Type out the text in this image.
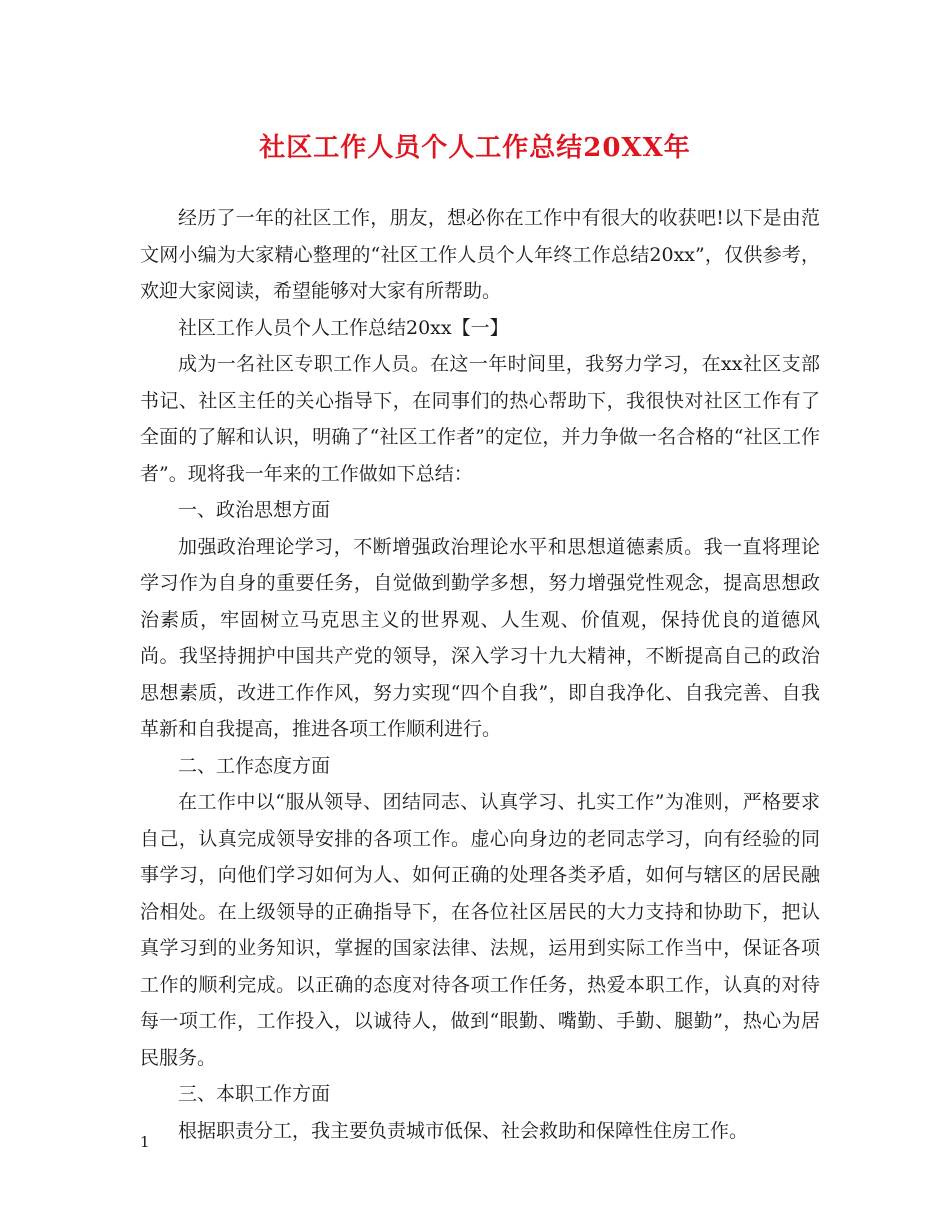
社区工作人员个人工作总结20XX年

经历了一年的社区工作，朋友，想必你在工作中有很大的收获吧!以下是由范文网小编为大家精心整理的“社区工作人员个人年终工作总结20xx”，仅供参考，欢迎大家阅读，希望能够对大家有所帮助。

社区工作人员个人工作总结20xx【一】

成为一名社区专职工作人员。在这一年时间里，我努力学习，在xx社区支部书记、社区主任的关心指导下，在同事们的热心帮助下，我很快对社区工作有了全面的了解和认识，明确了“社区工作者”的定位，并力争做一名合格的“社区工作者”。现将我一年来的工作做如下总结：

一、政治思想方面

加强政治理论学习，不断增强政治理论水平和思想道德素质。我一直将理论学习作为自身的重要任务，自觉做到勤学多想，努力增强党性观念，提高思想政治素质，牢固树立马克思主义的世界观、人生观、价值观，保持优良的道德风尚。我坚持拥护中国共产党的领导，深入学习十九大精神，不断提高自己的政治思想素质，改进工作作风，努力实现“四个自我”，即自我净化、自我完善、自我革新和自我提高，推进各项工作顺利进行。

二、工作态度方面

在工作中以“服从领导、团结同志、认真学习、扎实工作”为准则，严格要求自己，认真完成领导安排的各项工作。虚心向身边的老同志学习，向有经验的同事学习，向他们学习如何为人、如何正确的处理各类矛盾，如何与辖区的居民融洽相处。在上级领导的正确指导下，在各位社区居民的大力支持和协助下，把认真学习到的业务知识，掌握的国家法律、法规，运用到实际工作当中，保证各项工作的顺利完成。以正确的态度对待各项工作任务，热爱本职工作，认真的对待每一项工作，工作投入，以诚待人，做到“眼勤、嘴勤、手勤、腿勤”，热心为居民服务。

三、本职工作方面

根据职责分工，我主要负责城市低保、社会救助和保障性住房工作。

1
